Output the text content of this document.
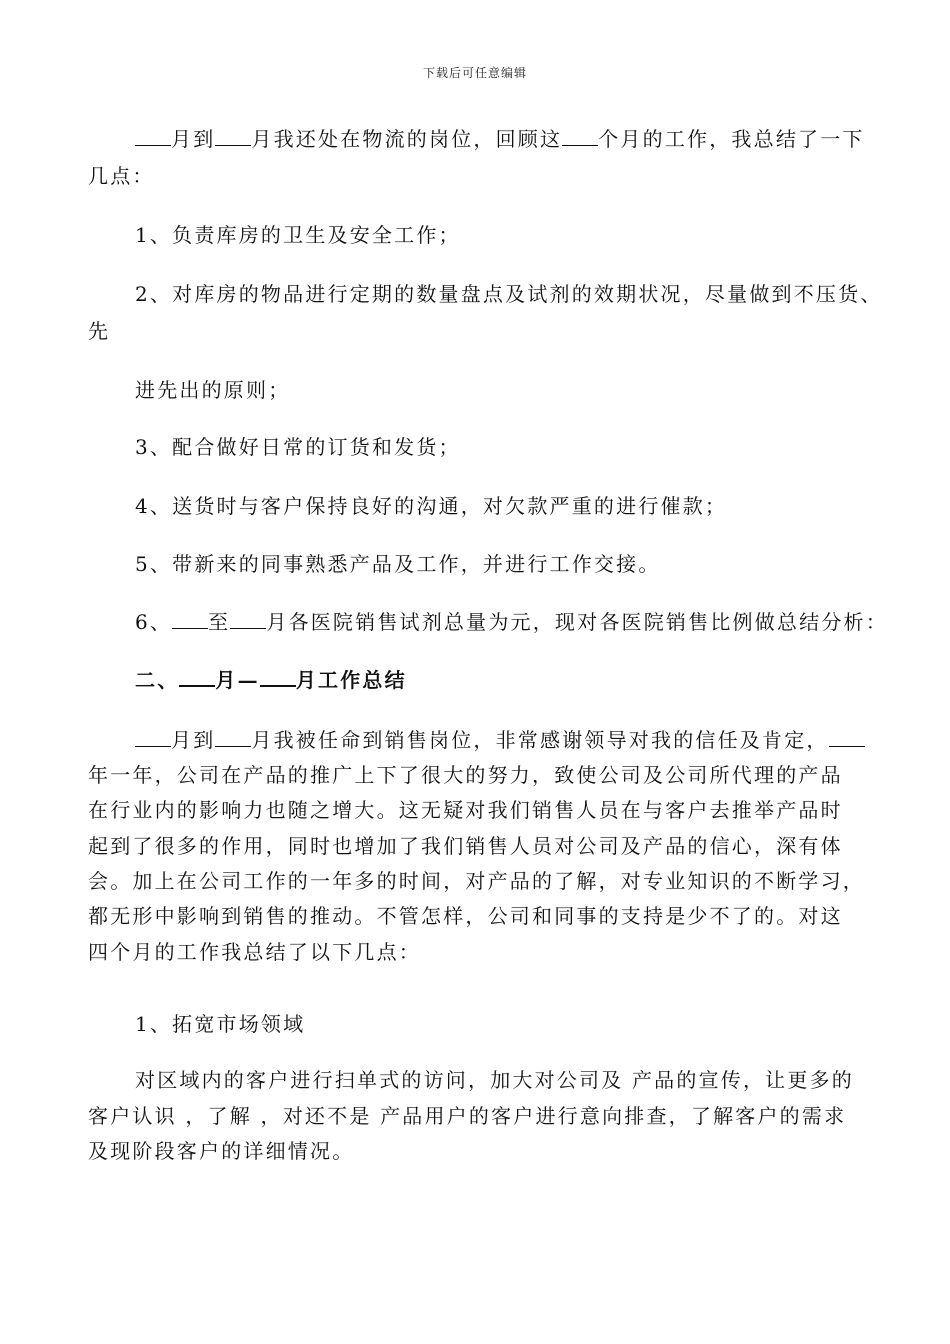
下载后可任意编辑
月到 月我还处在物流的岗位，回顾这 个月的工作，我总结了一下
几点：
1、负责库房的卫生及安全工作；
2、对库房的物品进行定期的数量盘点及试剂的效期状况，尽量做到不压货、
先
进先出的原则；
3、配合做好日常的订货和发货；
4、送货时与客户保持良好的沟通，对欠款严重的进行催款；
5、带新来的同事熟悉产品及工作，并进行工作交接。
6、 至 月各医院销售试剂总量为元，现对各医院销售比例做总结分析：
二、 月— 月工作总结
月到 月我被任命到销售岗位，非常感谢领导对我的信任及肯定，
年一年，公司在产品的推广上下了很大的努力，致使公司及公司所代理的产品
在行业内的影响力也随之增大。这无疑对我们销售人员在与客户去推举产品时
起到了很多的作用，同时也增加了我们销售人员对公司及产品的信心，深有体
会。加上在公司工作的一年多的时间，对产品的了解，对专业知识的不断学习，
都无形中影响到销售的推动。不管怎样，公司和同事的支持是少不了的。对这
四个月的工作我总结了以下几点：
1、拓宽市场领域
对区域内的客户进行扫单式的访问，加大对公司及 产品的宣传，让更多的
客户认识 ，了解 ，对还不是 产品用户的客户进行意向排查，了解客户的需求
及现阶段客户的详细情况。
